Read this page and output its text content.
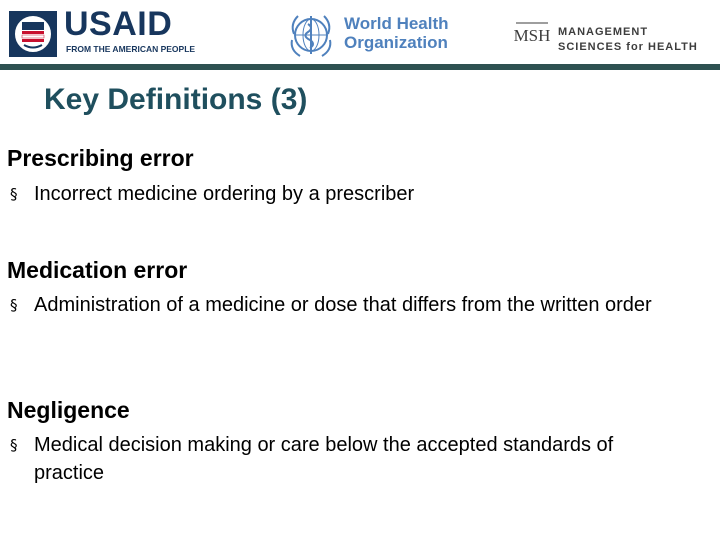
USAID
FROM THE AMERICAN PEOPLE
World Health
Organization	MSH MANAGEMENT
SCIENCES for HEALTH
Key Definitions (3)
Prescribing error
§ Incorrect medicine ordering by a prescriber
Medication error
§ Administration of a medicine or dose that differs from the written order
Negligence
§ Medical decision making or care below the accepted standards of practice
